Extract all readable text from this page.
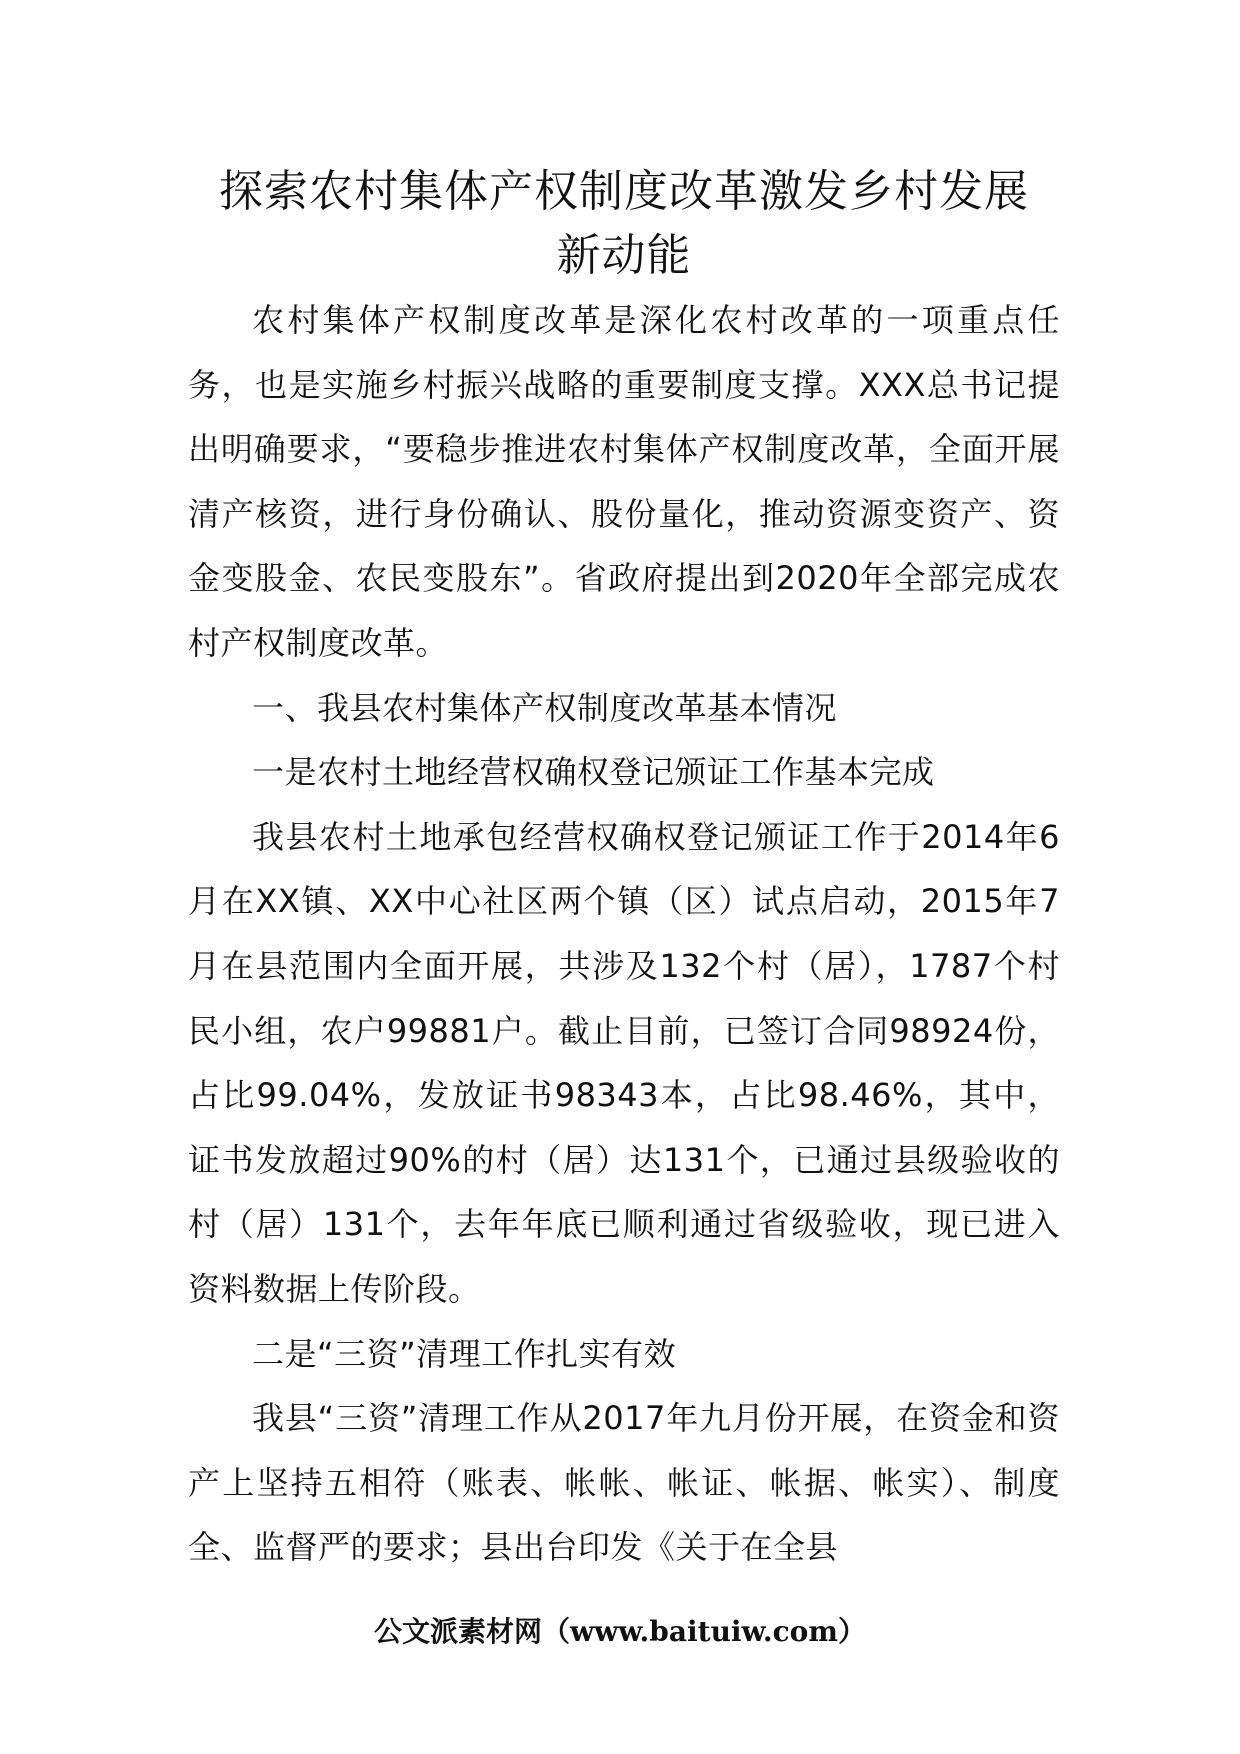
探索农村集体产权制度改革激发乡村发展
新动能

农村集体产权制度改革是深化农村改革的一项重点任务，也是实施乡村振兴战略的重要制度支撑。XXX总书记提出明确要求，“要稳步推进农村集体产权制度改革，全面开展清产核资，进行身份确认、股份量化，推动资源变资产、资金变股金、农民变股东”。省政府提出到2020年全部完成农村产权制度改革。

一、我县农村集体产权制度改革基本情况

一是农村土地经营权确权登记颁证工作基本完成

我县农村土地承包经营权确权登记颁证工作于2014年6月在XX镇、XX中心社区两个镇（区）试点启动，2015年7月在县范围内全面开展，共涉及132个村（居），1787个村民小组，农户99881户。截止目前，已签订合同98924份，占比99.04%，发放证书98343本，占比98.46%，其中，证书发放超过90%的村（居）达131个，已通过县级验收的村（居）131个，去年年底已顺利通过省级验收，现已进入资料数据上传阶段。

二是“三资”清理工作扎实有效

我县“三资”清理工作从2017年九月份开展，在资金和资产上坚持五相符（账表、帐帐、帐证、帐据、帐实）、制度全、监督严的要求；县出台印发《关于在全县

公文派素材网（www.baituiw.com）
